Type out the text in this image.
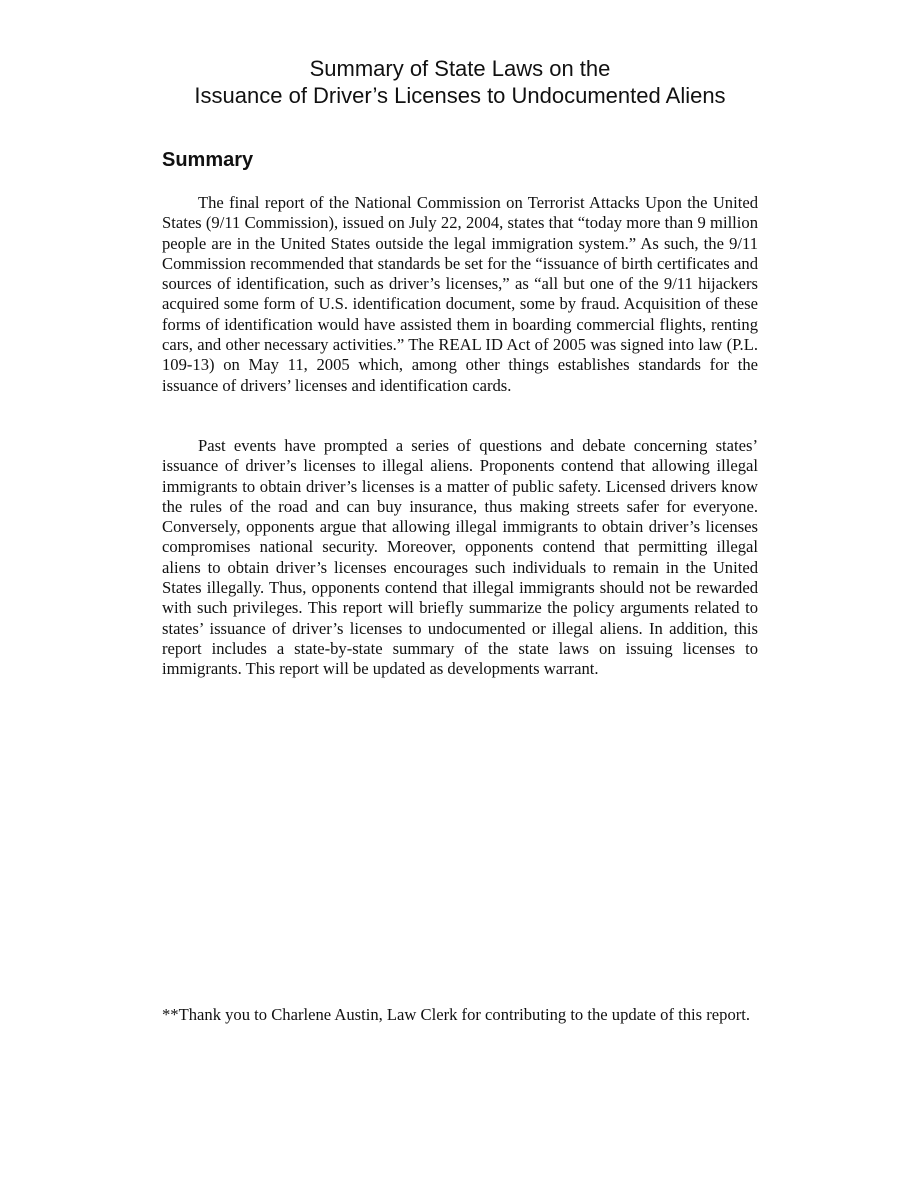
Summary of State Laws on the
Issuance of Driver’s Licenses to Undocumented Aliens
Summary

The final report of the National Commission on Terrorist Attacks Upon the United States (9/11 Commission), issued on July 22, 2004, states that “today more than 9 million people are in the United States outside the legal immigration system.” As such, the 9/11 Commission recommended that standards be set for the “issuance of birth certificates and sources of identification, such as driver’s licenses,” as “all but one of the 9/11 hijackers acquired some form of U.S. identification document, some by fraud. Acquisition of these forms of identification would have assisted them in boarding commercial flights, renting cars, and other necessary activities.” The REAL ID Act of 2005 was signed into law (P.L. 109-13) on May 11, 2005 which, among other things establishes standards for the issuance of drivers’ licenses and identification cards.

Past events have prompted a series of questions and debate concerning states’ issuance of driver’s licenses to illegal aliens. Proponents contend that allowing illegal immigrants to obtain driver’s licenses is a matter of public safety. Licensed drivers know the rules of the road and can buy insurance, thus making streets safer for everyone. Conversely, opponents argue that allowing illegal immigrants to obtain driver’s licenses compromises national security. Moreover, opponents contend that permitting illegal aliens to obtain driver’s licenses encourages such individuals to remain in the United States illegally. Thus, opponents contend that illegal immigrants should not be rewarded with such privileges. This report will briefly summarize the policy arguments related to states’ issuance of driver’s licenses to undocumented or illegal aliens. In addition, this report includes a state-by-state summary of the state laws on issuing licenses to immigrants. This report will be updated as developments warrant.

**Thank you to Charlene Austin, Law Clerk for contributing to the update of this report.
